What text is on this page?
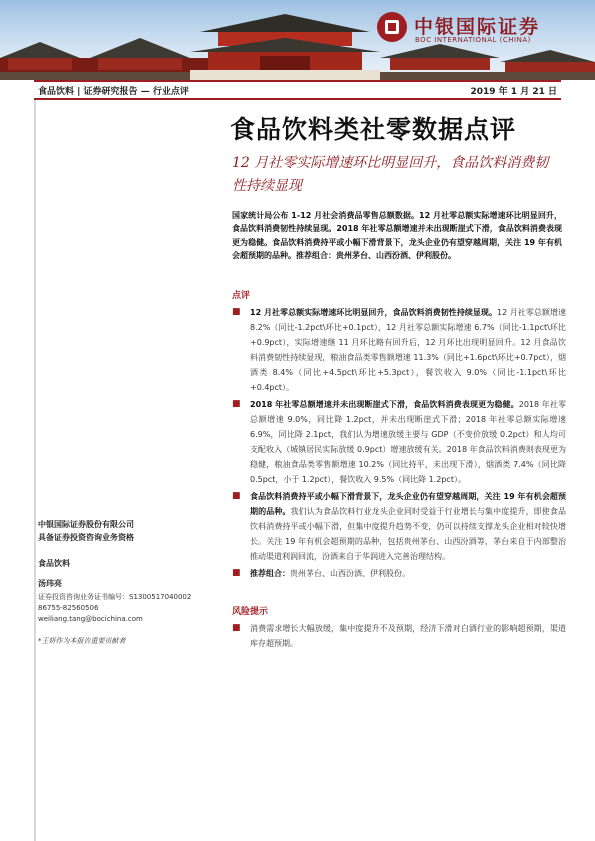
中银国际证券
BOC INTERNATIONAL (CHINA)
食品饮料 | 证券研究报告 — 行业点评	2019 年 1 月 21 日
中银国际证券股份有限公司
具备证券投资咨询业务资格
食品饮料
汤玮亮
证券投资咨询业务证书编号：S1300517040002
86755-82560506
weiliang.tang@bocichina.com
*王妍作为本报告重要贡献者
食品饮料类社零数据点评
12 月社零实际增速环比明显回升，食品饮料消费韧性持续显现
国家统计局公布 1-12 月社会消费品零售总额数据。12 月社零总额实际增速环比明显回升，食品饮料消费韧性持续显现。2018 年社零总额增速并未出现断崖式下滑，食品饮料消费表现更为稳健。食品饮料消费持平或小幅下滑背景下，龙头企业仍有望穿越周期，关注 19 年有机会超预期的品种。推荐组合：贵州茅台、山西汾酒、伊利股份。
点评
■ 12 月社零总额实际增速环比明显回升，食品饮料消费韧性持续显现。12 月社零总额增速 8.2%（同比-1.2pct\环比+0.1pct），12 月社零总额实际增速 6.7%（同比-1.1pct\环比+0.9pct），实际增速继 11 月环比略有回升后，12 月环比出现明显回升。12 月食品饮料消费韧性持续显现，粮油食品类零售额增速 11.3%（同比+1.6pct\环比+0.7pct），烟酒类 8.4%（同比+4.5pct\环比+5.3pct），餐饮收入 9.0%（同比-1.1pct\环比+0.4pct）。
■ 2018 年社零总额增速并未出现断崖式下滑，食品饮料消费表现更为稳健。2018 年社零总额增速 9.0%，同比降 1.2pct，并未出现断崖式下滑；2018 年社零总额实际增速 6.9%，同比降 2.1pct，我们认为增速放缓主要与 GDP（不变价放缓 0.2pct）和人均可支配收入（城镇居民实际放缓 0.9pct）增速放缓有关。2018 年食品饮料消费则表现更为稳健，粮油食品类零售额增速 10.2%（同比持平，未出现下滑），烟酒类 7.4%（同比降 0.5pct，小于 1.2pct），餐饮收入 9.5%（同比降 1.2pct）。
■ 食品饮料消费持平或小幅下滑背景下，龙头企业仍有望穿越周期，关注 19 年有机会超预期的品种。我们认为食品饮料行业龙头企业同时受益于行业增长与集中度提升，即使食品饮料消费持平或小幅下滑，但集中度提升趋势不变，仍可以持续支撑龙头企业相对较快增长。关注 19 年有机会超预期的品种，包括贵州茅台、山西汾酒等，茅台来自于内部整治推动渠道利润回流，汾酒来自于华润进入完善治理结构。
■ 推荐组合：贵州茅台、山西汾酒、伊利股份。
风险提示
■ 消费需求增长大幅放缓，集中度提升不及预期，经济下滑对白酒行业的影响超预期，渠道库存超预期。
